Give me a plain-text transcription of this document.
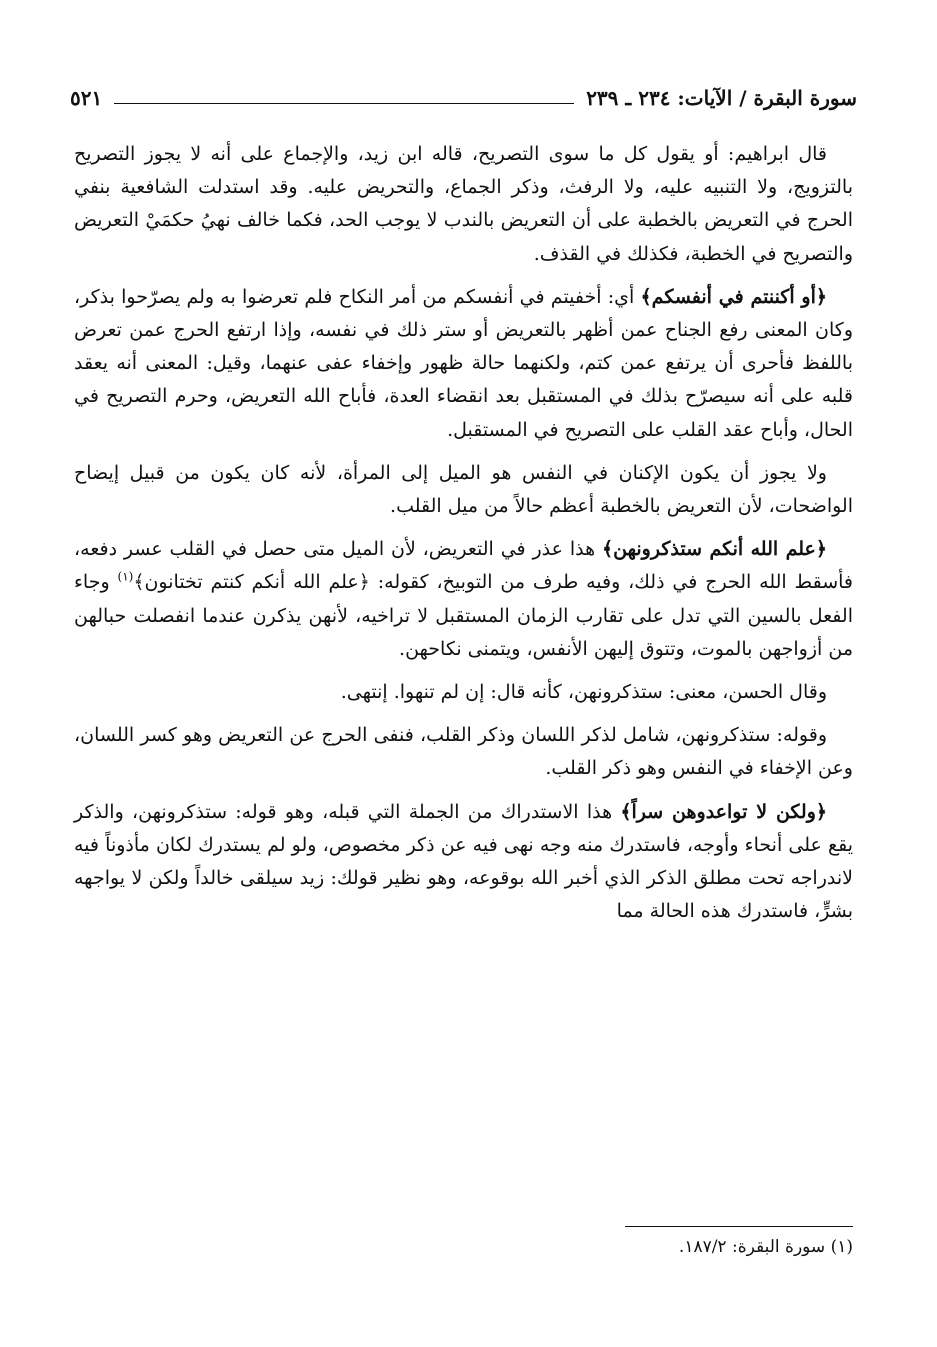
سورة البقرة / الآيات: ٢٣٤ ـ ٢٣٩
٥٢١

قال ابراهيم: أو يقول كل ما سوى التصريح، قاله ابن زيد، والإجماع على أنه لا يجوز التصريح بالتزويج، ولا التنبيه عليه، ولا الرفث، وذكر الجماع، والتحريض عليه. وقد استدلت الشافعية بنفي الحرج في التعريض بالخطبة على أن التعريض بالندب لا يوجب الحد، فكما خالف نهيُ حكمَيْ التعريض والتصريح في الخطبة، فكذلك في القذف.

﴿أو أكننتم في أنفسكم﴾ أي: أخفيتم في أنفسكم من أمر النكاح فلم تعرضوا به ولم يصرّحوا بذكر، وكان المعنى رفع الجناح عمن أظهر بالتعريض أو ستر ذلك في نفسه، وإذا ارتفع الحرج عمن تعرض باللفظ فأحرى أن يرتفع عمن كتم، ولكنهما حالة ظهور وإخفاء عفى عنهما، وقيل: المعنى أنه يعقد قلبه على أنه سيصرّح بذلك في المستقبل بعد انقضاء العدة، فأباح الله التعريض، وحرم التصريح في الحال، وأباح عقد القلب على التصريح في المستقبل.

ولا يجوز أن يكون الإكنان في النفس هو الميل إلى المرأة، لأنه كان يكون من قبيل إيضاح الواضحات، لأن التعريض بالخطبة أعظم حالاً من ميل القلب.

﴿علم الله أنكم ستذكرونهن﴾ هذا عذر في التعريض، لأن الميل متى حصل في القلب عسر دفعه، فأسقط الله الحرج في ذلك، وفيه طرف من التوبيخ، كقوله: ﴿علم الله أنكم كنتم تختانون﴾$^{(١)}$ وجاء الفعل بالسين التي تدل على تقارب الزمان المستقبل لا تراخيه، لأنهن يذكرن عندما انفصلت حبالهن من أزواجهن بالموت، وتتوق إليهن الأنفس، ويتمنى نكاحهن.

وقال الحسن، معنى: ستذكرونهن، كأنه قال: إن لم تنهوا. إنتهى.

وقوله: ستذكرونهن، شامل لذكر اللسان وذكر القلب، فنفى الحرج عن التعريض وهو كسر اللسان، وعن الإخفاء في النفس وهو ذكر القلب.

﴿ولكن لا تواعدوهن سراً﴾ هذا الاستدراك من الجملة التي قبله، وهو قوله: ستذكرونهن، والذكر يقع على أنحاء وأوجه، فاستدرك منه وجه نهى فيه عن ذكر مخصوص، ولو لم يستدرك لكان مأذوناً فيه لاندراجه تحت مطلق الذكر الذي أخبر الله بوقوعه، وهو نظير قولك: زيد سيلقى خالداً ولكن لا يواجهه بشرٍّ، فاستدرك هذه الحالة مما

(١) سورة البقرة: ١٨٧/٢.
